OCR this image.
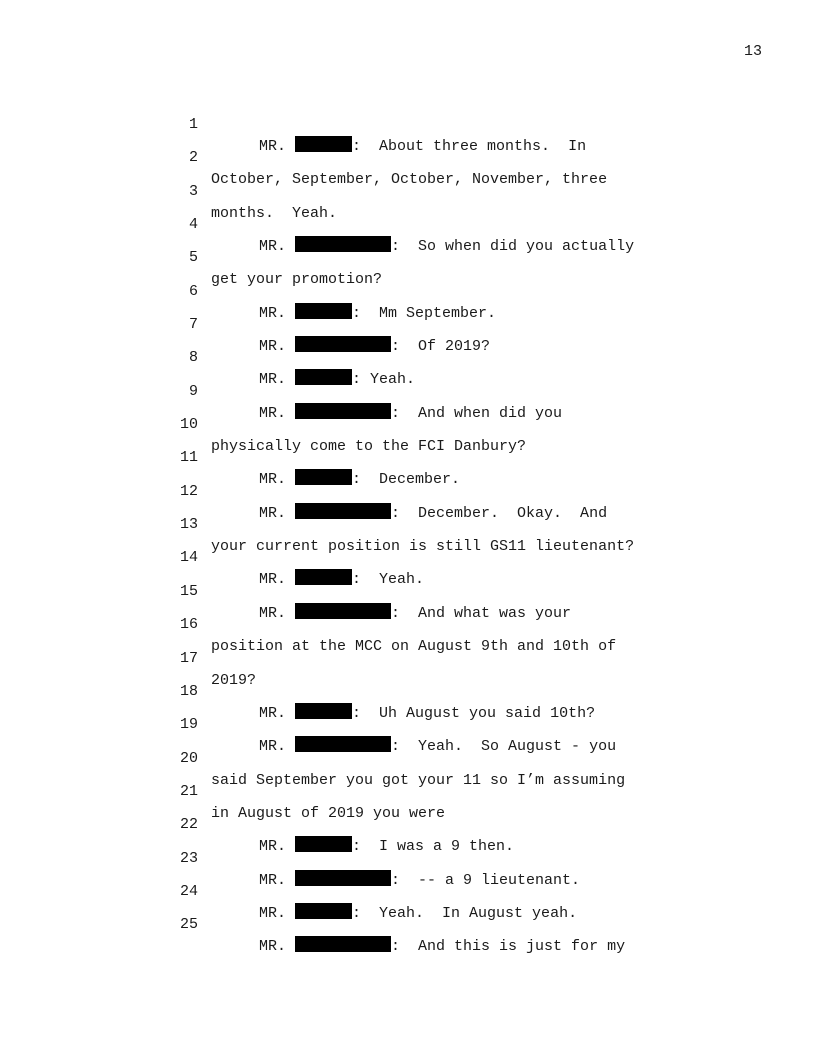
13

1

MR.	:  About three months.  In

2

October, September, October, November, three

3

months.  Yeah.

4

MR.	:  So when did you actually

5

get your promotion?

6

MR.	:  Mm September.

7

MR.	:  Of 2019?

8

MR.	: Yeah.

9

MR.	:  And when did you

10

physically come to the FCI Danbury?

11

MR.	:  December.

12

MR.	:  December.  Okay.  And

13

your current position is still GS11 lieutenant?

14

MR.	:  Yeah.

15

MR.	:  And what was your

16

position at the MCC on August 9th and 10th of

17

2019?

18

MR.	:  Uh August you said 10th?

19

MR.	:  Yeah.  So August - you

20

said September you got your 11 so I’m assuming

21

in August of 2019 you were

22

MR.	:  I was a 9 then.

23

MR.	:  -- a 9 lieutenant.

24

MR.	:  Yeah.  In August yeah.

25

MR.	:  And this is just for my
